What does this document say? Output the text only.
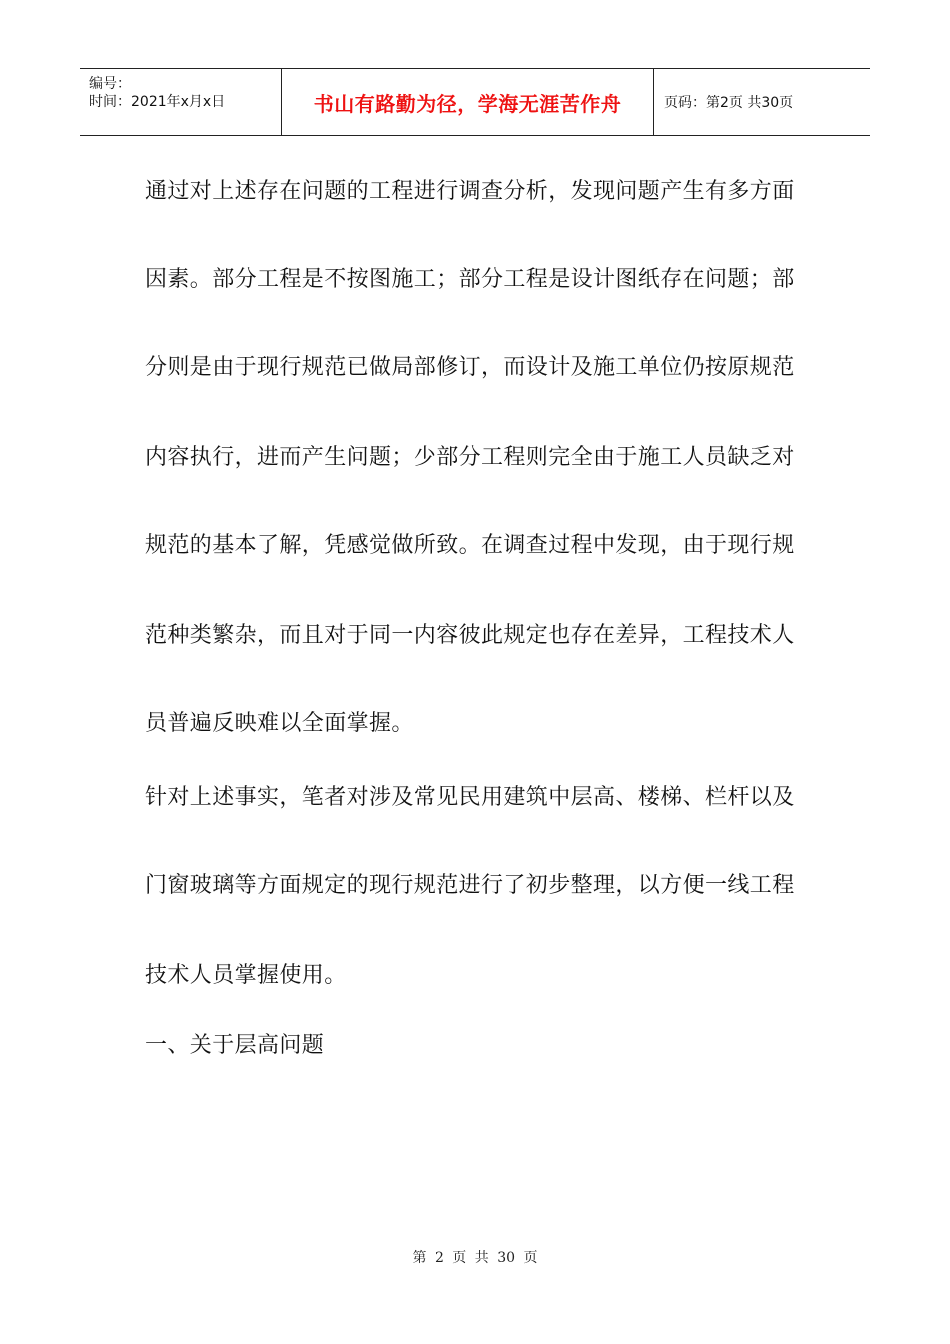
编号：
时间：2021年x月x日	书山有路勤为径，学海无涯苦作舟	页码：第2页 共30页
通过对上述存在问题的工程进行调查分析，发现问题产生有多方面
因素。部分工程是不按图施工；部分工程是设计图纸存在问题；部
分则是由于现行规范已做局部修订，而设计及施工单位仍按原规范
内容执行，进而产生问题；少部分工程则完全由于施工人员缺乏对
规范的基本了解，凭感觉做所致。在调查过程中发现，由于现行规
范种类繁杂，而且对于同一内容彼此规定也存在差异，工程技术人
员普遍反映难以全面掌握。
针对上述事实，笔者对涉及常见民用建筑中层高、楼梯、栏杆以及
门窗玻璃等方面规定的现行规范进行了初步整理，以方便一线工程
技术人员掌握使用。
一、关于层高问题
第 2 页 共 30 页
